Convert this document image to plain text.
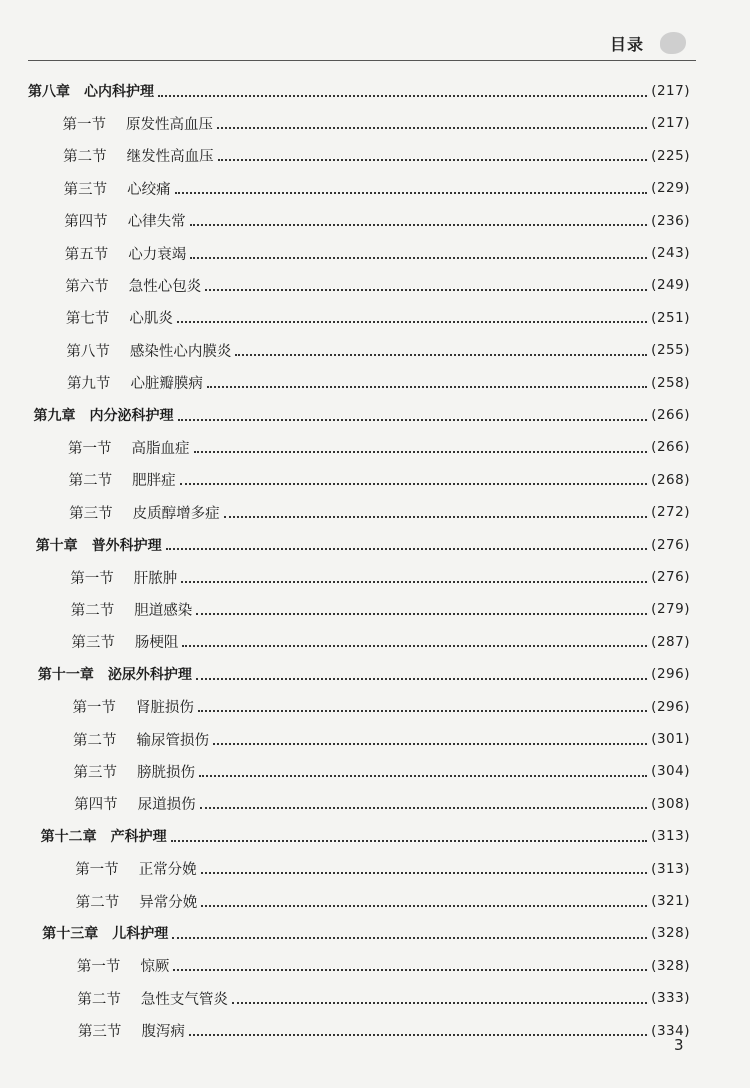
目录
第八章 心内科护理	(217)
第一节 原发性高血压	(217)
第二节 继发性高血压	(225)
第三节 心绞痛	(229)
第四节 心律失常	(236)
第五节 心力衰竭	(243)
第六节 急性心包炎	(249)
第七节 心肌炎	(251)
第八节 感染性心内膜炎	(255)
第九节 心脏瓣膜病	(258)
第九章 内分泌科护理	(266)
第一节 高脂血症	(266)
第二节 肥胖症	(268)
第三节 皮质醇增多症	(272)
第十章 普外科护理	(276)
第一节 肝脓肿	(276)
第二节 胆道感染	(279)
第三节 肠梗阻	(287)
第十一章 泌尿外科护理	(296)
第一节 肾脏损伤	(296)
第二节 输尿管损伤	(301)
第三节 膀胱损伤	(304)
第四节 尿道损伤	(308)
第十二章 产科护理	(313)
第一节 正常分娩	(313)
第二节 异常分娩	(321)
第十三章 儿科护理	(328)
第一节 惊厥	(328)
第二节 急性支气管炎	(333)
第三节 腹泻病	(334)
3
